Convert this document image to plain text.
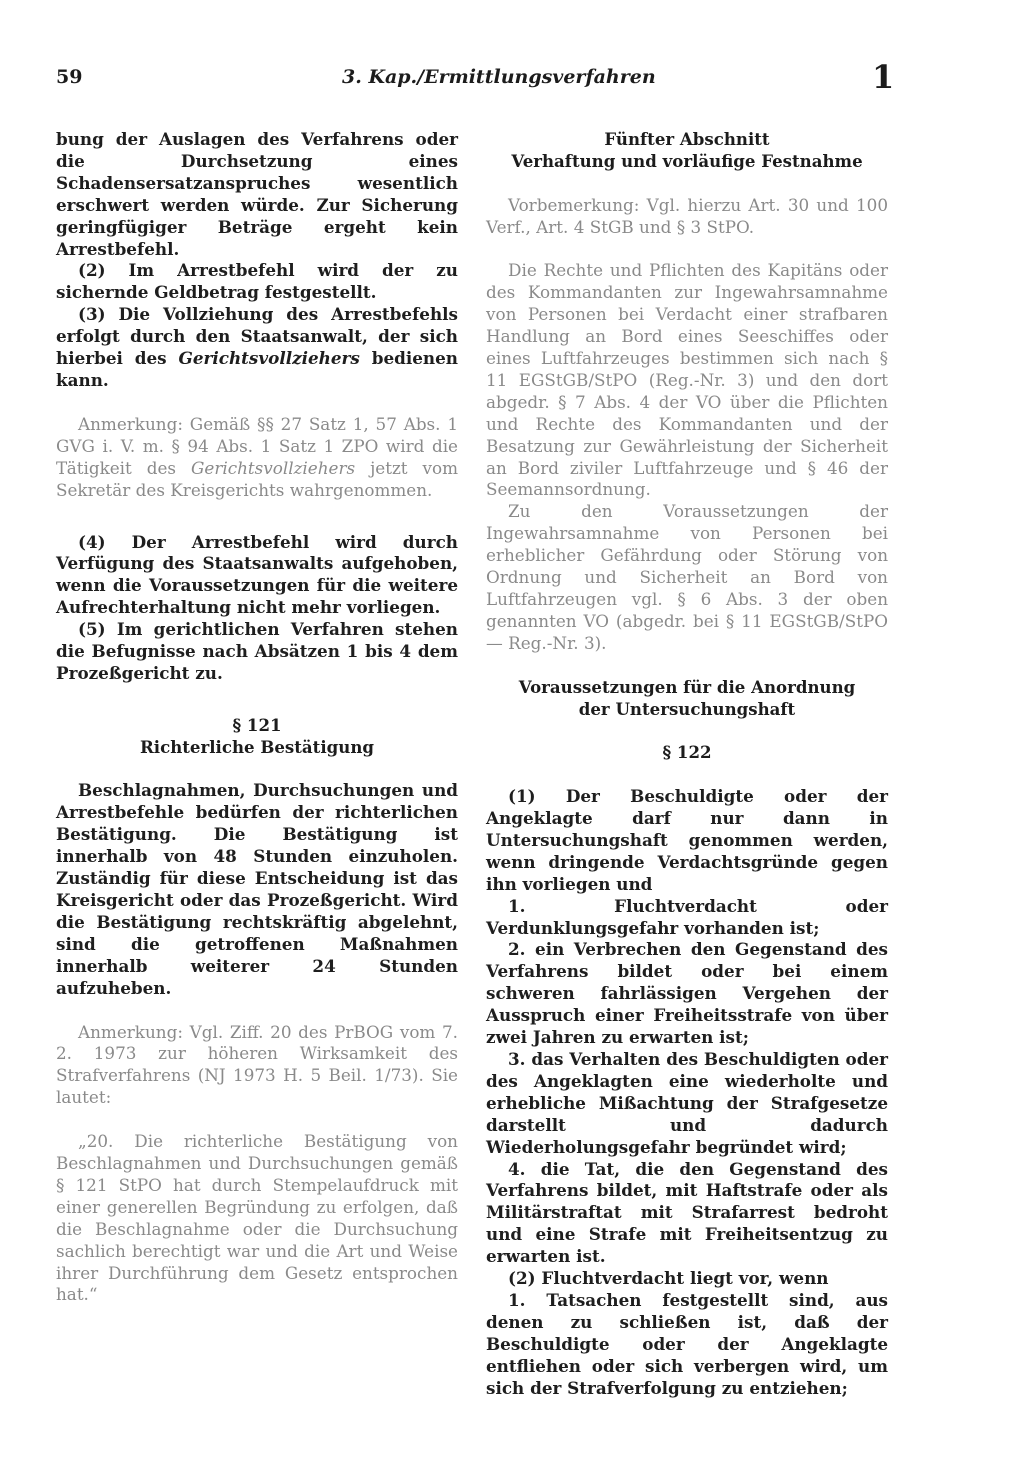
59	3. Kap./Ermittlungsverfahren	1

bung der Auslagen des Verfahrens oder die Durchsetzung eines Schadensersatzanspruches wesentlich erschwert werden würde. Zur Sicherung geringfügiger Beträge ergeht kein Arrestbefehl.

(2) Im Arrestbefehl wird der zu sichernde Geldbetrag festgestellt.

(3) Die Vollziehung des Arrestbefehls erfolgt durch den Staatsanwalt, der sich hierbei des Gerichtsvollziehers bedienen kann.

Anmerkung: Gemäß §§ 27 Satz 1, 57 Abs. 1 GVG i. V. m. § 94 Abs. 1 Satz 1 ZPO wird die Tätigkeit des Gerichtsvollziehers jetzt vom Sekretär des Kreisgerichts wahrgenommen.

(4) Der Arrestbefehl wird durch Verfügung des Staatsanwalts aufgehoben, wenn die Voraussetzungen für die weitere Aufrechterhaltung nicht mehr vorliegen.

(5) Im gerichtlichen Verfahren stehen die Befugnisse nach Absätzen 1 bis 4 dem Prozeßgericht zu.

§ 121
Richterliche Bestätigung

Beschlagnahmen, Durchsuchungen und Arrestbefehle bedürfen der richterlichen Bestätigung. Die Bestätigung ist innerhalb von 48 Stunden einzuholen. Zuständig für diese Entscheidung ist das Kreisgericht oder das Prozeßgericht. Wird die Bestätigung rechtskräftig abgelehnt, sind die getroffenen Maßnahmen innerhalb weiterer 24 Stunden aufzuheben.

Anmerkung: Vgl. Ziff. 20 des PrBOG vom 7. 2. 1973 zur höheren Wirksamkeit des Strafverfahrens (NJ 1973 H. 5 Beil. 1/73). Sie lautet:

„20. Die richterliche Bestätigung von Beschlagnahmen und Durchsuchungen gemäß § 121 StPO hat durch Stempelaufdruck mit einer generellen Begründung zu erfolgen, daß die Beschlagnahme oder die Durchsuchung sachlich berechtigt war und die Art und Weise ihrer Durchführung dem Gesetz entsprochen hat.“

Fünfter Abschnitt
Verhaftung und vorläufige Festnahme

Vorbemerkung: Vgl. hierzu Art. 30 und 100 Verf., Art. 4 StGB und § 3 StPO.

Die Rechte und Pflichten des Kapitäns oder des Kommandanten zur Ingewahrsamnahme von Personen bei Verdacht einer strafbaren Handlung an Bord eines Seeschiffes oder eines Luftfahrzeuges bestimmen sich nach § 11 EGStGB/StPO (Reg.-Nr. 3) und den dort abgedr. § 7 Abs. 4 der VO über die Pflichten und Rechte des Kommandanten und der Besatzung zur Gewährleistung der Sicherheit an Bord ziviler Luftfahrzeuge und § 46 der Seemannsordnung.

Zu den Voraussetzungen der Ingewahrsamnahme von Personen bei erheblicher Gefährdung oder Störung von Ordnung und Sicherheit an Bord von Luftfahrzeugen vgl. § 6 Abs. 3 der oben genannten VO (abgedr. bei § 11 EGStGB/StPO — Reg.-Nr. 3).

Voraussetzungen für die Anordnung
der Untersuchungshaft
§ 122

(1) Der Beschuldigte oder der Angeklagte darf nur dann in Untersuchungshaft genommen werden, wenn dringende Verdachtsgründe gegen ihn vorliegen und

1. Fluchtverdacht oder Verdunklungsgefahr vorhanden ist;

2. ein Verbrechen den Gegenstand des Verfahrens bildet oder bei einem schweren fahrlässigen Vergehen der Ausspruch einer Freiheitsstrafe von über zwei Jahren zu erwarten ist;

3. das Verhalten des Beschuldigten oder des Angeklagten eine wiederholte und erhebliche Mißachtung der Strafgesetze darstellt und dadurch Wiederholungsgefahr begründet wird;

4. die Tat, die den Gegenstand des Verfahrens bildet, mit Haftstrafe oder als Militärstraftat mit Strafarrest bedroht und eine Strafe mit Freiheitsentzug zu erwarten ist.

(2) Fluchtverdacht liegt vor, wenn

1. Tatsachen festgestellt sind, aus denen zu schließen ist, daß der Beschuldigte oder der Angeklagte entfliehen oder sich verbergen wird, um sich der Strafverfolgung zu entziehen;
